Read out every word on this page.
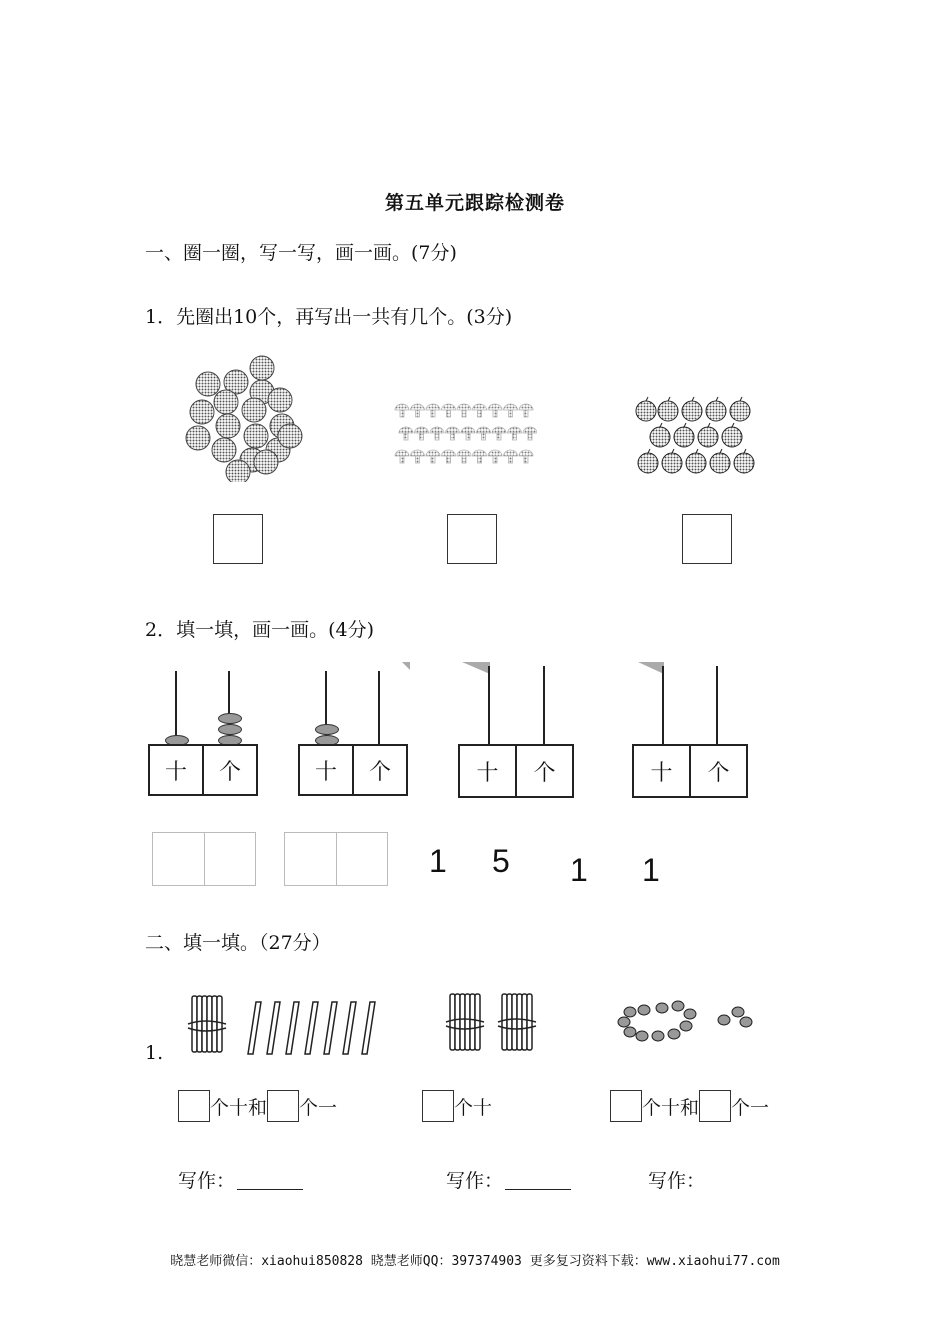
第五单元跟踪检测卷
一、圈一圈，写一写，画一画。(7分)
1．先圈出10个，再写出一共有几个。(3分)
2．填一填，画一画。(4分)
十	个	十	个	十	个	十	个
1 5 1 1
二、填一填。（27分）
1.
个十和 个一	个十	个十和 个一
写作：	写作：	写作：
晓慧老师微信：xiaohui850828 晓慧老师QQ：397374903 更多复习资料下载：www.xiaohui77.com
